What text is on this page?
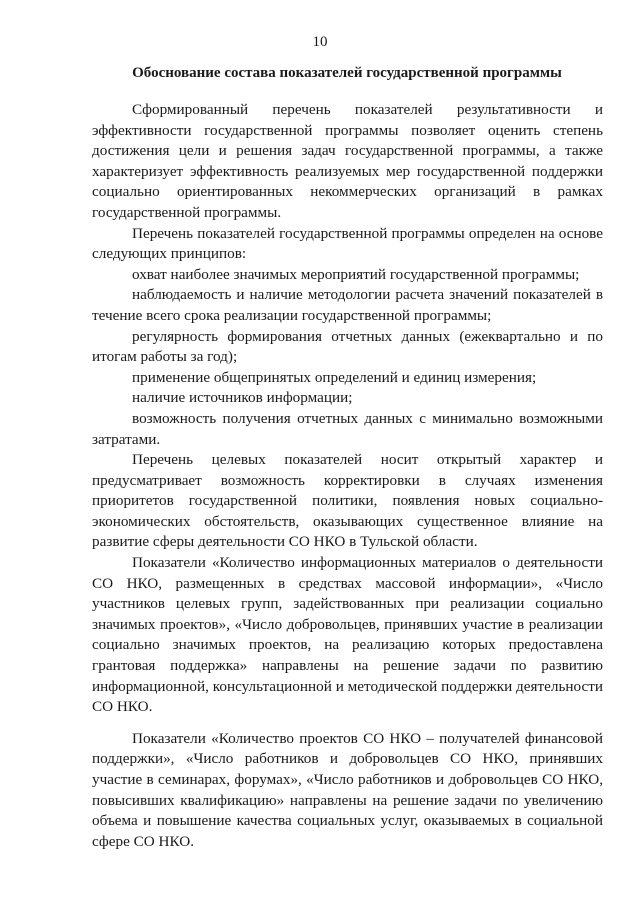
10
Обоснование состава показателей государственной программы

Сформированный перечень показателей результативности и эффективности государственной программы позволяет оценить степень достижения цели и решения задач государственной программы, а также характеризует эффективность реализуемых мер государственной поддержки социально ориентированных некоммерческих организаций в рамках государственной программы.

Перечень показателей государственной программы определен на основе следующих принципов:

охват наиболее значимых мероприятий государственной программы;

наблюдаемость и наличие методологии расчета значений показателей в течение всего срока реализации государственной программы;

регулярность формирования отчетных данных (ежеквартально и по итогам работы за год);

применение общепринятых определений и единиц измерения;

наличие источников информации;

возможность получения отчетных данных с минимально возможными затратами.

Перечень целевых показателей носит открытый характер и предусматривает возможность корректировки в случаях изменения приоритетов государственной политики, появления новых социально-экономических обстоятельств, оказывающих существенное влияние на развитие сферы деятельности СО НКО в Тульской области.

Показатели «Количество информационных материалов о деятельности СО НКО, размещенных в средствах массовой информации», «Число участников целевых групп, задействованных при реализации социально значимых проектов», «Число добровольцев, принявших участие в реализации социально значимых проектов, на реализацию которых предоставлена грантовая поддержка» направлены на решение задачи по развитию информационной, консультационной и методической поддержки деятельности СО НКО.

Показатели «Количество проектов СО НКО – получателей финансовой поддержки», «Число работников и добровольцев СО НКО, принявших участие в семинарах, форумах», «Число работников и добровольцев СО НКО, повысивших квалификацию» направлены на решение задачи по увеличению объема и повышение качества социальных услуг, оказываемых в социальной сфере СО НКО.
